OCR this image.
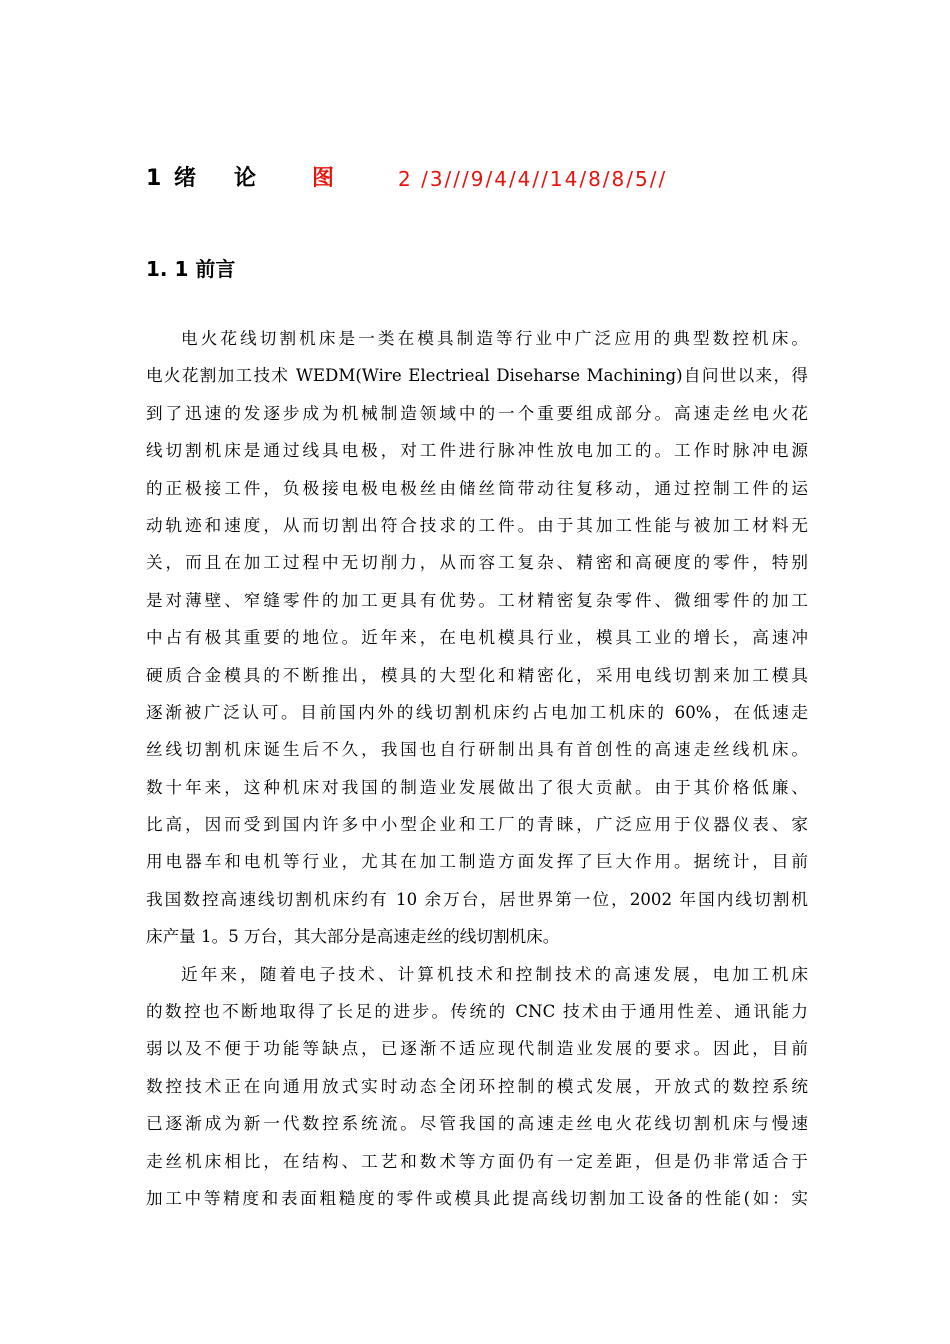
1 绪 论	图	2 /3///9/4/4//14/8/8/5//
1. 1 前言
电火花线切割机床是一类在模具制造等行业中广泛应用的典型数控机床。
电火花割加工技术 WEDM(Wire Electrieal Diseharse Machining)自问世以来，得
到了迅速的发逐步成为机械制造领域中的一个重要组成部分。高速走丝电火花
线切割机床是通过线具电极，对工件进行脉冲性放电加工的。工作时脉冲电源
的正极接工件，负极接电极电极丝由储丝筒带动往复移动，通过控制工件的运
动轨迹和速度，从而切割出符合技求的工件。由于其加工性能与被加工材料无
关，而且在加工过程中无切削力，从而容工复杂、精密和高硬度的零件，特别
是对薄壁、窄缝零件的加工更具有优势。工材精密复杂零件、微细零件的加工
中占有极其重要的地位。近年来，在电机模具行业，模具工业的增长，高速冲
硬质合金模具的不断推出，模具的大型化和精密化，采用电线切割来加工模具
逐渐被广泛认可。目前国内外的线切割机床约占电加工机床的 60%，在低速走
丝线切割机床诞生后不久，我国也自行研制出具有首创性的高速走丝线机床。
数十年来，这种机床对我国的制造业发展做出了很大贡献。由于其价格低廉、
比高，因而受到国内许多中小型企业和工厂的青睐，广泛应用于仪器仪表、家
用电器车和电机等行业，尤其在加工制造方面发挥了巨大作用。据统计，目前
我国数控高速线切割机床约有 10 余万台，居世界第一位，2002 年国内线切割机
床产量 1。5 万台，其大部分是高速走丝的线切割机床。
近年来，随着电子技术、计算机技术和控制技术的高速发展，电加工机床
的数控也不断地取得了长足的进步。传统的 CNC 技术由于通用性差、通讯能力
弱以及不便于功能等缺点，已逐渐不适应现代制造业发展的要求。因此，目前
数控技术正在向通用放式实时动态全闭环控制的模式发展，开放式的数控系统
已逐渐成为新一代数控系统流。尽管我国的高速走丝电火花线切割机床与慢速
走丝机床相比，在结构、工艺和数术等方面仍有一定差距，但是仍非常适合于
加工中等精度和表面粗糙度的零件或模具此提高线切割加工设备的性能(如：实
